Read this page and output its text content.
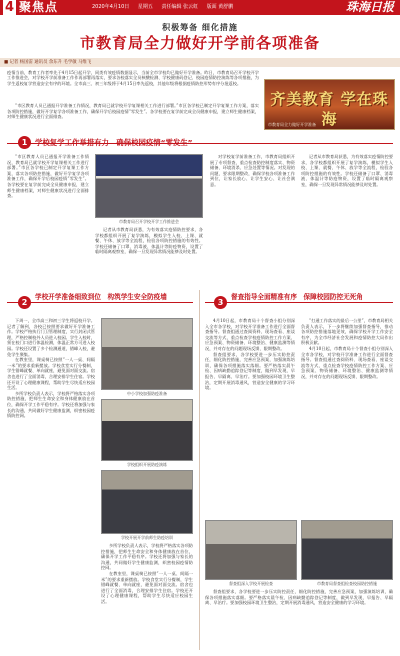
4 聚焦点	2020年4月10日 星期五 责任编辑 张云虹 版面 黄舒鹏	珠海日报
积极筹备 细化措施
市教育局全力做好开学前各项准备
■ 记者 杨国雷 通讯员 余东升 毛学敏 马维飞
疫情当前，教育工作者率先于4月15日起开学，同类有效疫情数据显示，当前全市学校均已做好开学准备。昨日，市教育局召开学校开学工作推进会，对学校开学前准备工作作再部署再落实，要求各校落实全员核酸检测、学校健康码登记、校园疫情防控演练等各项措施，为学生返校复学营造安全有序的环境。全市高三、初三年级将于4月15日率先返校，其他年级将根据疫情防控形势有序分批返校。
齐美教育 学在珠海
市教育局全力做好开学准备

“市区教育人员已通报开学准备工作情况，教育局已就学校开学复课相关工作进行部署。”市区各学校已制定开学复课工作方案，落实各项防控措施，做好开学复学各项准备工作，确保开学后校园疫情“零发生”。各学校要在复学前完成全员健康申报，建立师生健康档案，对师生健康状况进行全面排查。

1	学校复学工作举措有力　确保校园疫情“零发生”

“市区教育人员已通报开学准备工作情况，教育局已就学校开学复课相关工作进行部署。”市区各学校已制定开学复课工作方案，落实各项防控措施，做好开学复学各项准备工作，确保开学后校园疫情“零发生”。各学校要在复学前完成全员健康申报，建立师生健康档案，对师生健康状况进行全面排查。

市教育局召开学校开学工作推进会

记者从市教育局获悉，为有效落实疫情防控要求，各学校都组织开展了复学演练，模拟学生入校、上课、就餐、午休、放学等全流程，检验各项防控措施的有效性。学校还储备了口罩、消毒液、体温计等防疫物资，设置了临时隔离观察室，确保一旦发现异常情况能够及时处置。

对学校复学前准备工作，市教育局组织开展了专项督查，重点检查防控制度落实、物资储备、环境消杀、应急处置等情况。对发现的问题，要求限期整改，确保学校各项准备工作到位，让家长放心、让学生安心、让社会满意。

记者从市教育局获悉，为有效落实疫情防控要求，各学校都组织开展了复学演练，模拟学生入校、上课、就餐、午休、放学等全流程，检验各项防控措施的有效性。学校还储备了口罩、消毒液、体温计等防疫物资，设置了临时隔离观察室，确保一旦发现异常情况能够及时处置。

2
学校开学准备细致到位　构筑学生安全防疫墙

下周一，全市高三和初三学生将返校开学。记者了解到，各校已按照要求做好开学准备工作。学校严格执行门卫管理制度，实行封闭式管理，严格控制校外人员进入校园。学生入校时，须在校门口进行体温检测，体温正常方可进入校园。学校还设置了多个检测通道，错峰入校，避免学生聚集。

在教室里，课桌椅已按照“一人一桌、间隔一米”的要求重新摆放。学校食堂实行分餐制，学生错峰就餐、单向就座，避免面对面交流。宿舍也进行了全面消毒，合理安排学生住宿。学校还开设了心理健康课程，帮助学生尽快适应校园生活。

多所学校负责人表示，学校将严格落实各项防控措施，把师生生命安全和身体健康放在首位，确保开学工作平稳有序。学校还将加强与家长的沟通，共同做好学生健康监测，织密校园疫情防控网。

中小学校加强防疫准备
学校组织开展防疫演练
学校开展开学前师生防疫培训

多所学校负责人表示，学校将严格落实各项防控措施，把师生生命安全和身体健康放在首位，确保开学工作平稳有序。学校还将加强与家长的沟通，共同做好学生健康监测，织密校园疫情防控网。

在教室里，课桌椅已按照“一人一桌、间隔一米”的要求重新摆放。学校食堂实行分餐制，学生错峰就餐、单向就座，避免面对面交流。宿舍也进行了全面消毒，合理安排学生住宿。学校还开设了心理健康课程，帮助学生尽快适应校园生活。

3
督查指导全面精准有序　保障校园防控无死角

4月10日起，市教育局十个督查小组分别深入全市各学校，对学校开学准备工作进行全面督查指导。督查组通过查阅资料、现场查看、座谈交流等方式，重点检查学校疫情防控工作方案、应急预案、物资储备、环境整治、健康监测等情况，并对存在的问题现场反馈、限期整改。

督查组要求，各学校要进一步压实防控责任，细化防控措施，完善应急预案，加强演练培训，确保各项措施落实落细。要严格落实晨午检、因病缺勤追踪登记等制度，做到早发现、早报告、早隔离、早治疗。要加强校园环境卫生整治，定期开展消毒通风，营造安全健康的学习环境。

“打通工作落实的最后一公里”，市教育局相关负责人表示，下一步将继续加强督查指导，推动各项防控措施落地见效，确保学校开学工作安全有序，为全市经济社会发展和疫情防控大局作出积极贡献。

4月10日起，市教育局十个督查小组分别深入全市各学校，对学校开学准备工作进行全面督查指导。督查组通过查阅资料、现场查看、座谈交流等方式，重点检查学校疫情防控工作方案、应急预案、物资储备、环境整治、健康监测等情况，并对存在的问题现场反馈、限期整改。

督查组深入学校开展检查	市教育局督查组检查校园防控措施

督查组要求，各学校要进一步压实防控责任，细化防控措施，完善应急预案，加强演练培训，确保各项措施落实落细。要严格落实晨午检、因病缺勤追踪登记等制度，做到早发现、早报告、早隔离、早治疗。要加强校园环境卫生整治，定期开展消毒通风，营造安全健康的学习环境。
